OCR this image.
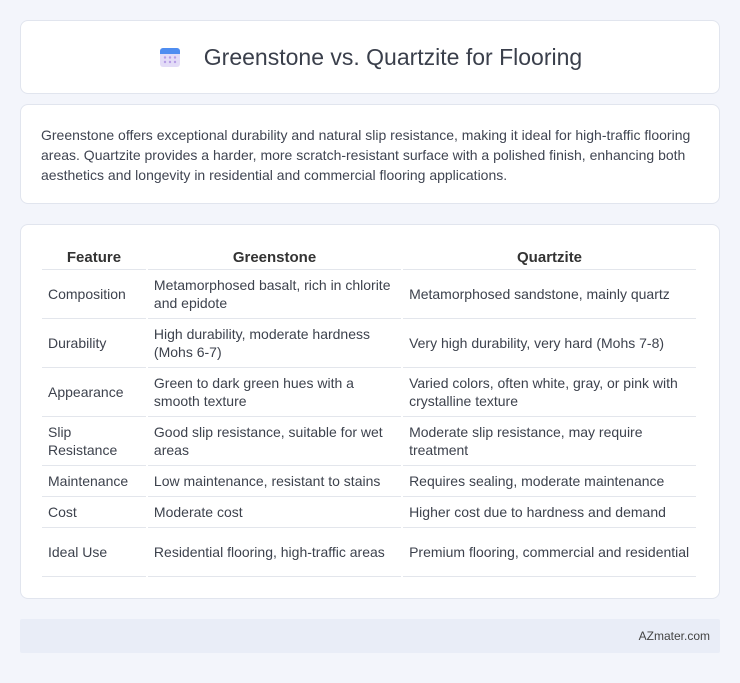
Greenstone vs. Quartzite for Flooring

Greenstone offers exceptional durability and natural slip resistance, making it ideal for high-traffic flooring areas. Quartzite provides a harder, more scratch-resistant surface with a polished finish, enhancing both aesthetics and longevity in residential and commercial flooring applications.

Feature	Greenstone	Quartzite
Composition	Metamorphosed basalt, rich in chlorite and epidote	Metamorphosed sandstone, mainly quartz
Durability	High durability, moderate hardness (Mohs 6-7)	Very high durability, very hard (Mohs 7-8)
Appearance	Green to dark green hues with a smooth texture	Varied colors, often white, gray, or pink with crystalline texture
Slip Resistance	Good slip resistance, suitable for wet areas	Moderate slip resistance, may require treatment
Maintenance	Low maintenance, resistant to stains	Requires sealing, moderate maintenance
Cost	Moderate cost	Higher cost due to hardness and demand
Ideal Use	Residential flooring, high-traffic areas	Premium flooring, commercial and residential
AZmater.com
